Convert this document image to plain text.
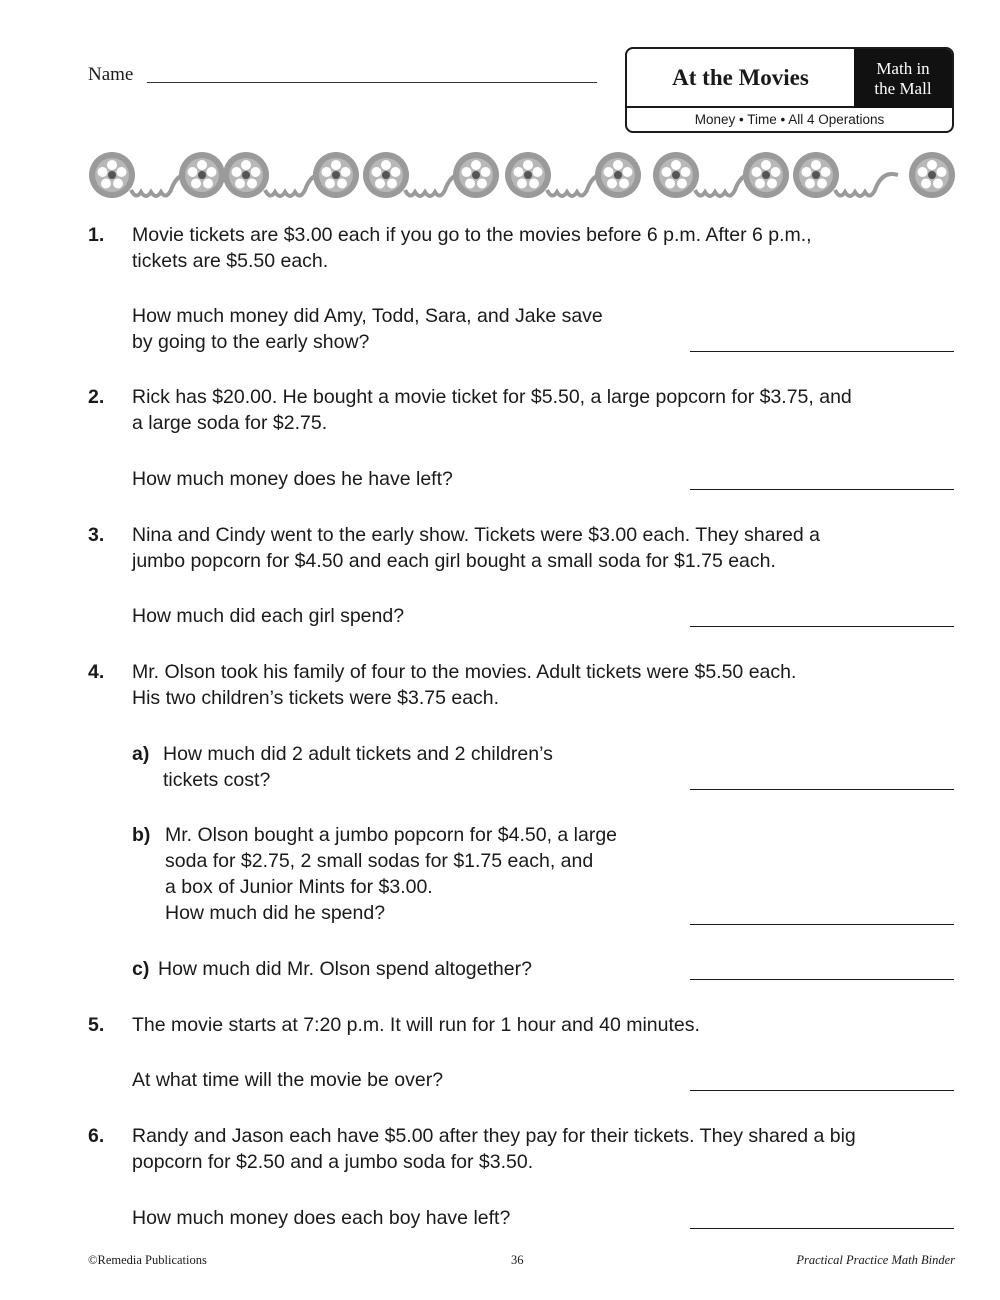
Name	At the Movies	Math in
the Mall
Money • Time • All 4 Operations
1. Movie tickets are $3.00 each if you go to the movies before 6 p.m. After 6 p.m.,
tickets are $5.50 each.
How much money did Amy, Todd, Sara, and Jake save
by going to the early show?
2. Rick has $20.00. He bought a movie ticket for $5.50, a large popcorn for $3.75, and
a large soda for $2.75.
How much money does he have left?
3. Nina and Cindy went to the early show. Tickets were $3.00 each. They shared a
jumbo popcorn for $4.50 and each girl bought a small soda for $1.75 each.
How much did each girl spend?
4. Mr. Olson took his family of four to the movies. Adult tickets were $5.50 each.
His two children’s tickets were $3.75 each.
a) How much did 2 adult tickets and 2 children’s
tickets cost?
b) Mr. Olson bought a jumbo popcorn for $4.50, a large
soda for $2.75, 2 small sodas for $1.75 each, and
a box of Junior Mints for $3.00.
How much did he spend?
c) How much did Mr. Olson spend altogether?
5. The movie starts at 7:20 p.m. It will run for 1 hour and 40 minutes.
At what time will the movie be over?
6. Randy and Jason each have $5.00 after they pay for their tickets. They shared a big
popcorn for $2.50 and a jumbo soda for $3.50.
How much money does each boy have left?
©Remedia Publications	36	Practical Practice Math Binder
